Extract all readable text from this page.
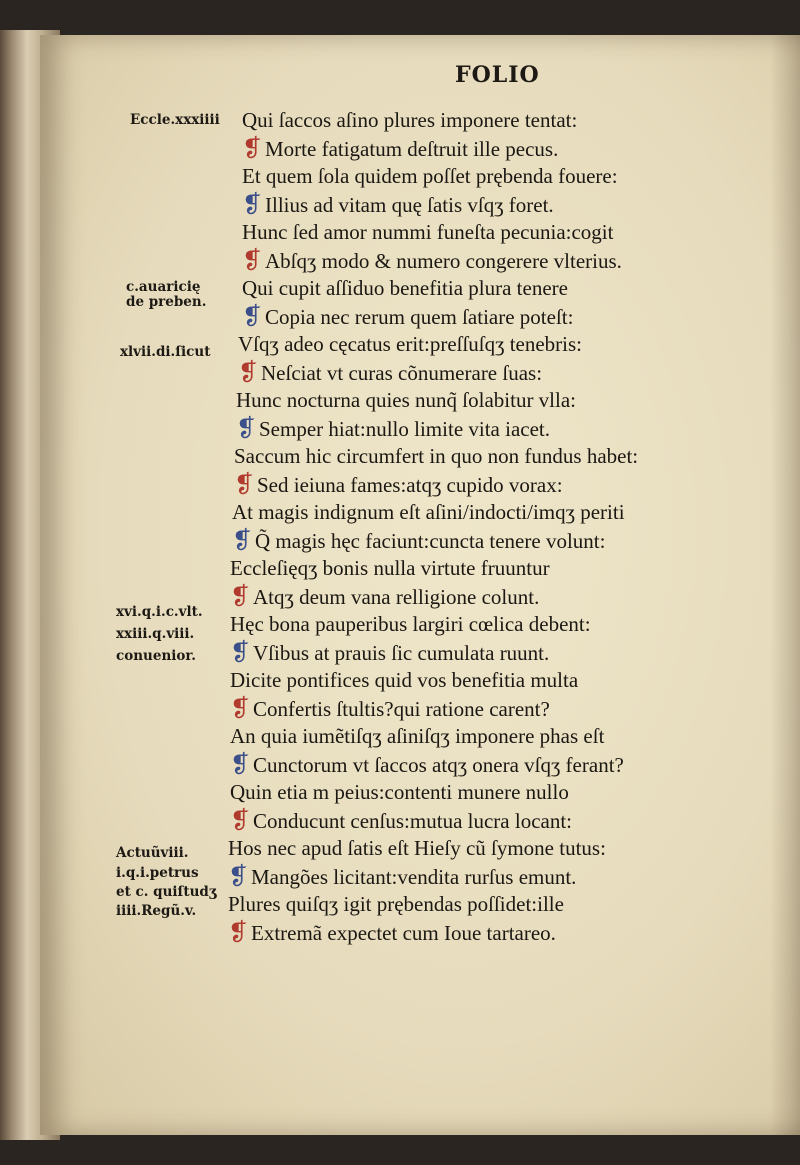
FOLIO
Eccle.xxxiiii
c.auaricię
de preben.
xlvii.di.ſicut
xvi.q.i.c.vlt.
xxiii.q.viii.
conuenior.
Actuũviii.
i.q.i.petrus
et c. quiſtudʒ
iiii.Regũ.v.
Qui ſaccos aſino plures imponere tentat:
❡ Morte fatigatum deſtruit ille pecus.
Et quem ſola quidem poſſet prębenda fouere:
❡ Illius ad vitam quę ſatis vſqʒ foret.
Hunc ſed amor nummi funeſta pecunia:cogit
❡ Abſqʒ modo & numero congerere vlterius.
Qui cupit aſſiduo benefitia plura tenere
❡ Copia nec rerum quem ſatiare poteſt:
Vſqʒ adeo cęcatus erit:preſſuſqʒ tenebris:
❡ Neſciat vt curas cõnumerare ſuas:
Hunc nocturna quies nunq̃ ſolabitur vlla:
❡ Semper hiat:nullo limite vita iacet.
Saccum hic circumfert in quo non fundus habet:
❡ Sed ieiuna fames:atqʒ cupido vorax:
At magis indignum eſt aſini/indocti/imqʒ periti
❡ Q̃ magis hęc faciunt:cuncta tenere volunt:
Eccleſięqʒ bonis nulla virtute fruuntur
❡ Atqʒ deum vana relligione colunt.
Hęc bona pauperibus largiri cœlica debent:
❡ Vſibus at prauis ſic cumulata ruunt.
Dicite pontifices quid vos benefitia multa
❡ Confertis ſtultis?qui ratione carent?
An quia iumẽtiſqʒ aſiniſqʒ imponere phas eſt
❡ Cunctorum vt ſaccos atqʒ onera vſqʒ ferant?
Quin etia m peius:contenti munere nullo
❡ Conducunt cenſus:mutua lucra locant:
Hos nec apud ſatis eſt Hieſy cũ ſymone tutus:
❡ Mangões licitant:vendita rurſus emunt.
Plures quiſqʒ igit prębendas poſſidet:ille
❡ Extremã expectet cum Ioue tartareo.
